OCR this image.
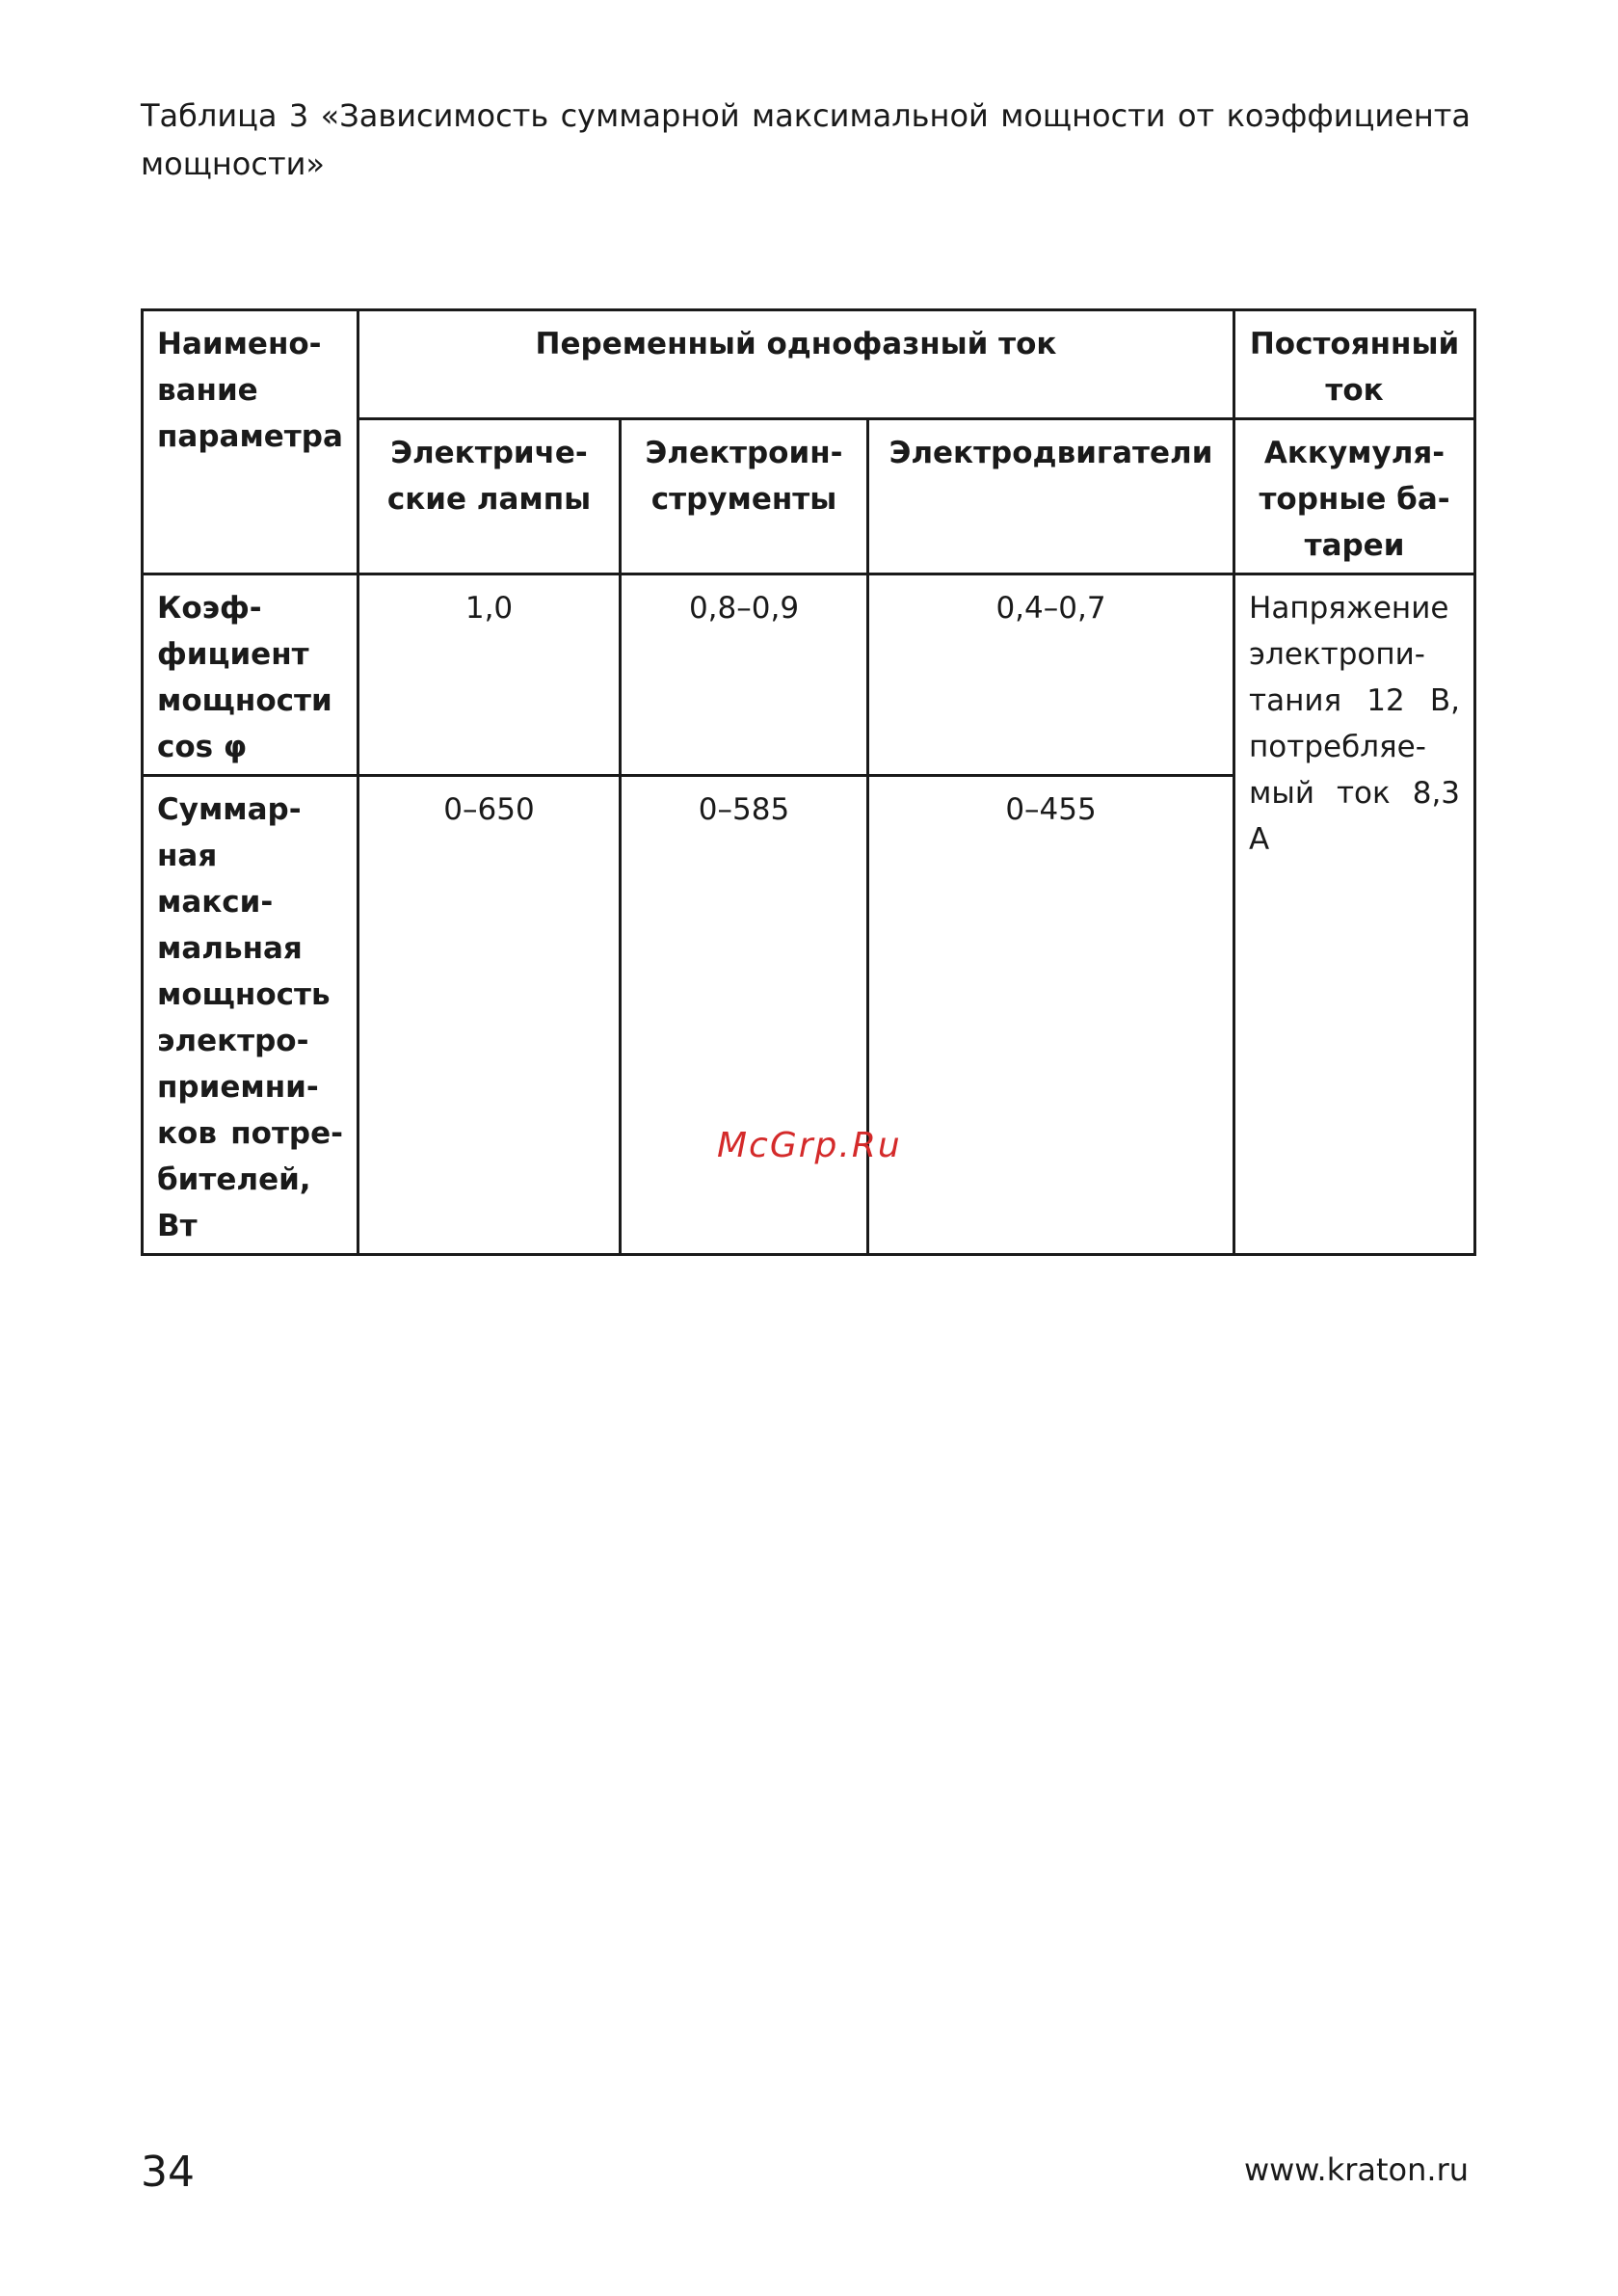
Таблица 3 «Зависимость суммарной максимальной мощности от коэффициента мощности»
Наимено-вание параметра	Переменный однофазный ток			Постоянный ток
	Электриче-ские лампы	Электроин-струменты	Электродвигатели	Аккумуля-торные ба-тареи
Коэф-фициент мощности cos φ	1,0	0,8–0,9	0,4–0,7	Напряжение электропи-тания 12 В, потребляе-мый ток 8,3 А
Суммар-ная макси-мальная мощность электро-приемни-ков потре-бителей, Вт	0–650	0–585	0–455	
McGrp.Ru
34	www.kraton.ru
